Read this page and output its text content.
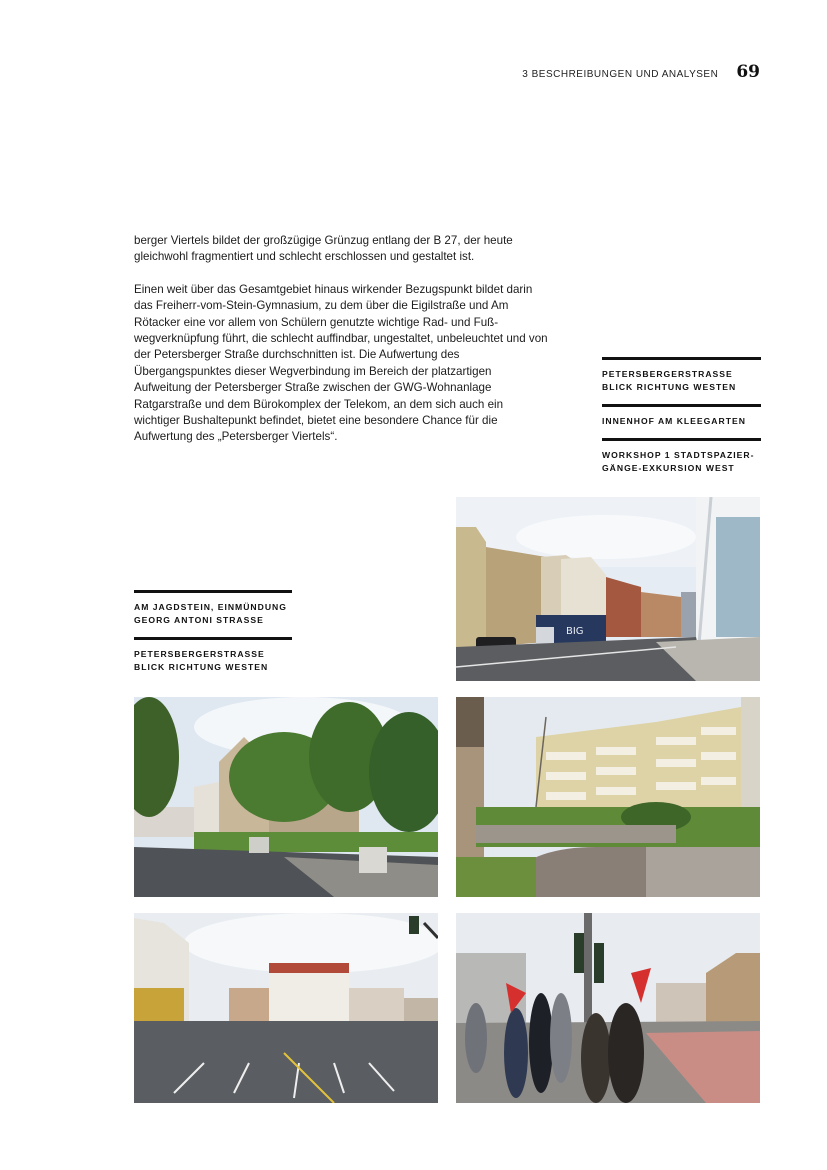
3 BESCHREIBUNGEN UND ANALYSEN 69

berger Viertels bildet der großzügige Grünzug entlang der B 27, der heute gleichwohl fragmentiert und schlecht erschlossen und gestaltet ist.

Einen weit über das Gesamtgebiet hinaus wirkender Bezugspunkt bildet darin das Freiherr-vom-Stein-Gymnasium, zu dem über die Eigilstraße und Am Rötacker eine vor allem von Schülern genutzte wichtige Rad- und Fuß-wegverknüpfung führt, die schlecht auffindbar, ungestaltet, unbeleuchtet und von der Petersberger Straße durchschnitten ist. Die Aufwertung des Übergangspunktes dieser Wegverbindung im Bereich der platzartigen Aufweitung der Petersberger Straße zwischen der GWG-Wohnanlage Ratgarstraße und dem Bürokomplex der Telekom, an dem sich auch ein wichtiger Bushaltepunkt befindet, bietet eine besondere Chance für die Aufwertung des „Petersberger Viertels“.

PETERSBERGERSTRASSE
BLICK RICHTUNG WESTEN
INNENHOF AM KLEEGARTEN
WORKSHOP 1 STADTSPAZIER-
GÄNGE-EXKURSION WEST
AM JAGDSTEIN, EINMÜNDUNG
GEORG ANTONI STRASSE
PETERSBERGERSTRASSE
BLICK RICHTUNG WESTEN
BIG
